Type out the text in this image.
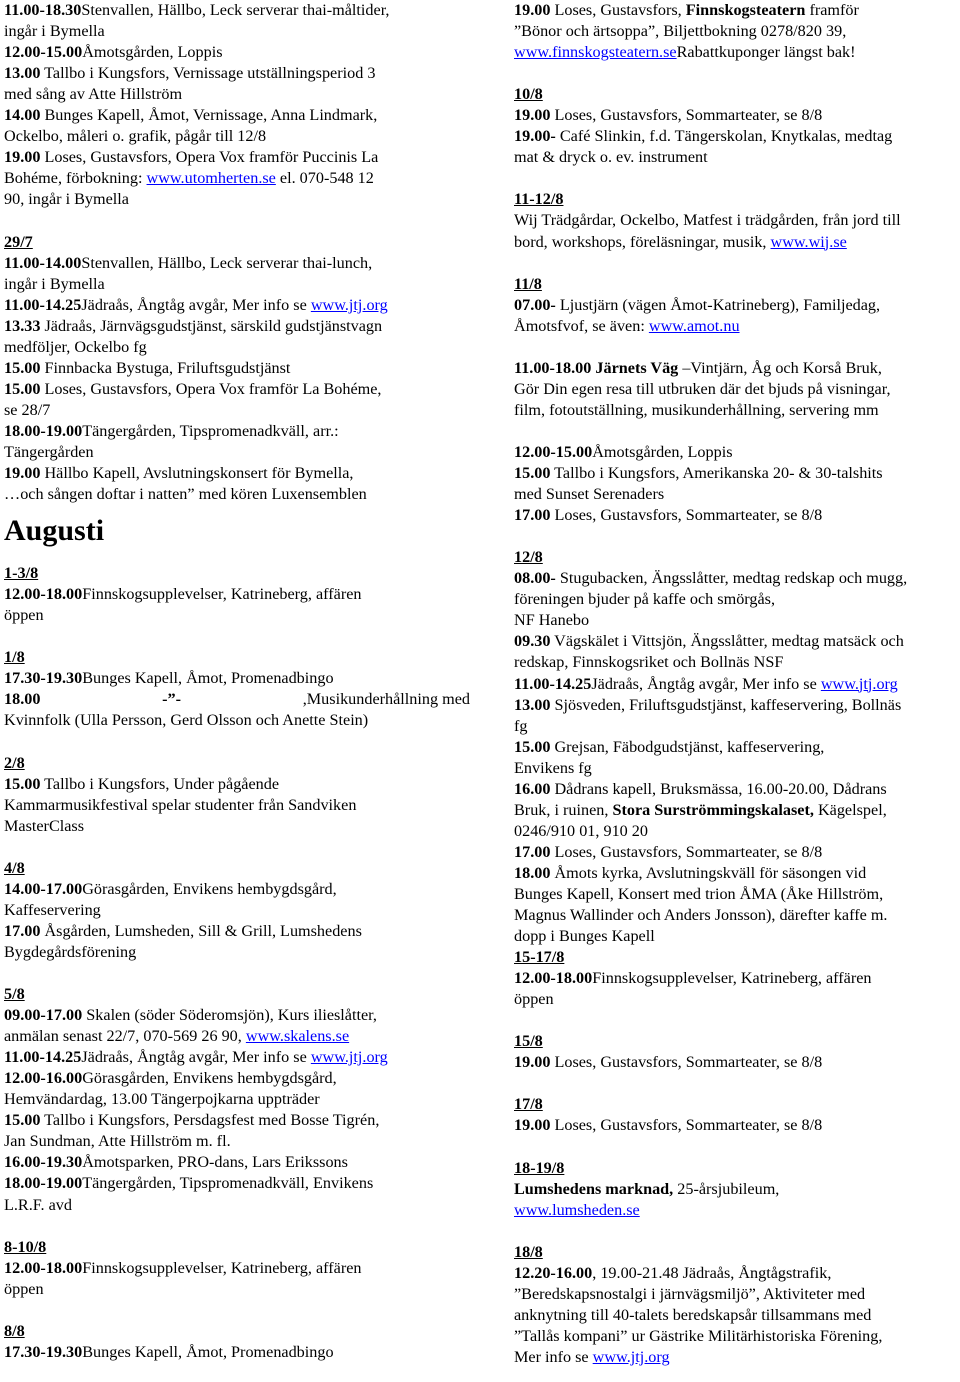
11.00-18.30Stenvallen, Hällbo, Leck serverar thai-måltider,
ingår i Bymella
12.00-15.00Åmotsgården, Loppis
13.00 Tallbo i Kungsfors, Vernissage utställningsperiod 3
med sång av Atte Hillström
14.00 Bunges Kapell, Åmot, Vernissage, Anna Lindmark,
Ockelbo, måleri o. grafik, pågår till 12/8
19.00 Loses, Gustavsfors, Opera Vox framför Puccinis La
Bohéme, förbokning: www.utomherten.se el. 070-548 12
90, ingår i Bymella
29/7
11.00-14.00Stenvallen, Hällbo, Leck serverar thai-lunch,
ingår i Bymella
11.00-14.25Jädraås, Ångtåg avgår, Mer info se www.jtj.org
13.33 Jädraås, Järnvägsgudstjänst, särskild gudstjänstvagn
medföljer, Ockelbo fg
15.00 Finnbacka Bystuga, Friluftsgudstjänst
15.00 Loses, Gustavsfors, Opera Vox framför La Bohéme,
se 28/7
18.00-19.00Tängergården, Tipspromenadkväll, arr.:
Tängergården
19.00 Hällbo Kapell, Avslutningskonsert för Bymella,
…och sången doftar i natten” med kören Luxensemblen
Augusti
1-3/8
12.00-18.00Finnskogsupplevelser, Katrineberg, affären
öppen
1/8
17.30-19.30Bunges Kapell, Åmot, Promenadbingo
18.00	-”-	,Musikunderhållning med
Kvinnfolk (Ulla Persson, Gerd Olsson och Anette Stein)
2/8
15.00 Tallbo i Kungsfors, Under pågående
Kammarmusikfestival spelar studenter från Sandviken
MasterClass
4/8
14.00-17.00Görasgården, Envikens hembygdsgård,
Kaffeservering
17.00 Åsgården, Lumsheden, Sill & Grill, Lumshedens
Bygdegårdsförening
5/8
09.00-17.00 Skalen (söder Söderomsjön), Kurs ilieslåtter,
anmälan senast 22/7, 070-569 26 90, www.skalens.se
11.00-14.25Jädraås, Ångtåg avgår, Mer info se www.jtj.org
12.00-16.00Görasgården, Envikens hembygdsgård,
Hemvändardag, 13.00 Tängerpojkarna uppträder
15.00 Tallbo i Kungsfors, Persdagsfest med Bosse Tigrén,
Jan Sundman, Atte Hillström m. fl.
16.00-19.30Åmotsparken, PRO-dans, Lars Erikssons
18.00-19.00Tängergården, Tipspromenadkväll, Envikens
L.R.F. avd
8-10/8
12.00-18.00Finnskogsupplevelser, Katrineberg, affären
öppen
8/8
17.30-19.30Bunges Kapell, Åmot, Promenadbingo
19.00 Loses, Gustavsfors, Finnskogsteatern framför
”Bönor och ärtsoppa”, Biljettbokning 0278/820 39,
www.finnskogsteatern.seRabattkuponger längst bak!
10/8
19.00 Loses, Gustavsfors, Sommarteater, se 8/8
19.00- Café Slinkin, f.d. Tängerskolan, Knytkalas, medtag
mat & dryck o. ev. instrument
11-12/8
Wij Trädgårdar, Ockelbo, Matfest i trädgården, från jord till
bord, workshops, föreläsningar, musik, www.wij.se
11/8
07.00- Ljustjärn (vägen Åmot-Katrineberg), Familjedag,
Åmotsfvof, se även: www.amot.nu
11.00-18.00 Järnets Väg –Vintjärn, Åg och Korså Bruk,
Gör Din egen resa till utbruken där det bjuds på visningar,
film, fotoutställning, musikunderhållning, servering mm
12.00-15.00Åmotsgården, Loppis
15.00 Tallbo i Kungsfors, Amerikanska 20- & 30-talshits
med Sunset Serenaders
17.00 Loses, Gustavsfors, Sommarteater, se 8/8
12/8
08.00- Stugubacken, Ängsslåtter, medtag redskap och mugg,
föreningen bjuder på kaffe och smörgås,
NF Hanebo
09.30 Vägskälet i Vittsjön, Ängsslåtter, medtag matsäck och
redskap, Finnskogsriket och Bollnäs NSF
11.00-14.25Jädraås, Ångtåg avgår, Mer info se www.jtj.org
13.00 Sjösveden, Friluftsgudstjänst, kaffeservering, Bollnäs
fg
15.00 Grejsan, Fäbodgudstjänst, kaffeservering,
Envikens fg
16.00 Dådrans kapell, Bruksmässa, 16.00-20.00, Dådrans
Bruk, i ruinen, Stora Surströmmingskalaset, Kägelspel,
0246/910 01, 910 20
17.00 Loses, Gustavsfors, Sommarteater, se 8/8
18.00 Åmots kyrka, Avslutningskväll för säsongen vid
Bunges Kapell, Konsert med trion ÅMA (Åke Hillström,
Magnus Wallinder och Anders Jonsson), därefter kaffe m.
dopp i Bunges Kapell
15-17/8
12.00-18.00Finnskogsupplevelser, Katrineberg, affären
öppen
15/8
19.00 Loses, Gustavsfors, Sommarteater, se 8/8
17/8
19.00 Loses, Gustavsfors, Sommarteater, se 8/8
18-19/8
Lumshedens marknad, 25-årsjubileum,
www.lumsheden.se
18/8
12.20-16.00, 19.00-21.48 Jädraås, Ångtågstrafik,
”Beredskapsnostalgi i järnvägsmiljö”, Aktiviteter med
anknytning till 40-talets beredskapsår tillsammans med
”Tallås kompani” ur Gästrike Militärhistoriska Förening,
Mer info se www.jtj.org
